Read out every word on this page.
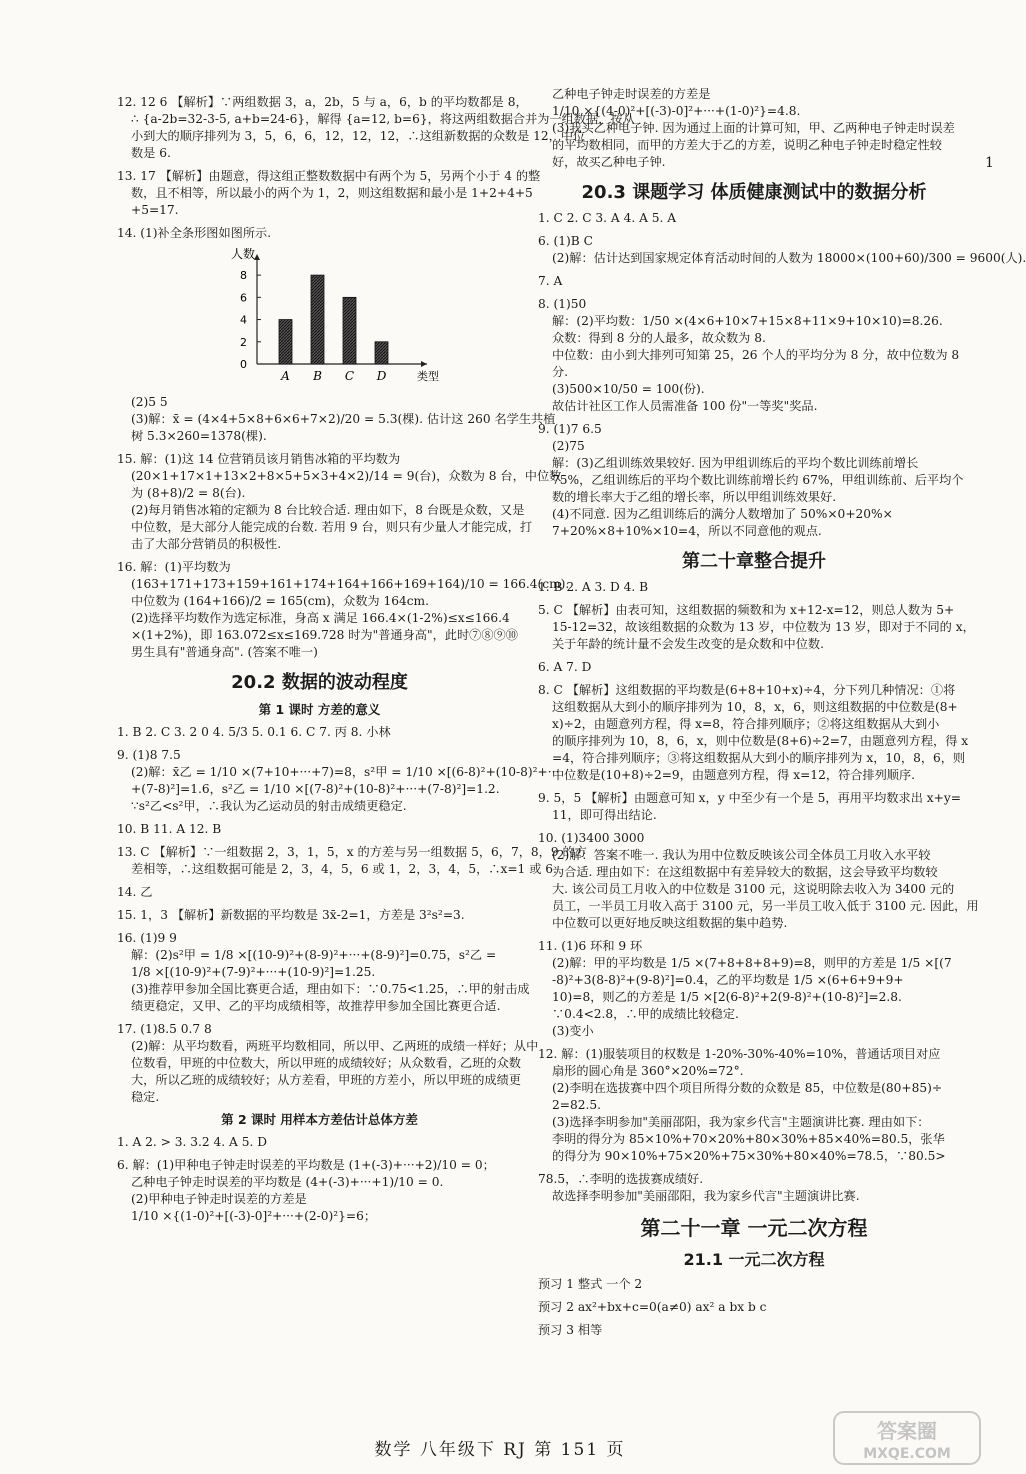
12. 12 6 【解析】∵两组数据 3，a，2b，5 与 a，6，b 的平均数都是 8，
∴ {a-2b=32-3-5, a+b=24-6}，解得 {a=12, b=6}，将这两组数据合并为一组数据，按从
小到大的顺序排列为 3，5，6，6，12，12，12，∴这组新数据的众数是 12，中位
数是 6.
13. 17 【解析】由题意，得这组正整数数据中有两个为 5，另两个小于 4 的整
数，且不相等，所以最小的两个为 1，2，则这组数据和最小是 1+2+4+5
+5=17.
14. (1)补全条形图如图所示.
人数
类型
0
2
4
6
8
A B C D
(2)5 5
(3)解：x̄ = (4×4+5×8+6×6+7×2)/20 = 5.3(棵). 估计这 260 名学生共植
树 5.3×260=1378(棵).
15. 解：(1)这 14 位营销员该月销售冰箱的平均数为
(20×1+17×1+13×2+8×5+5×3+4×2)/14 = 9(台)，众数为 8 台，中位数
为 (8+8)/2 = 8(台).
(2)每月销售冰箱的定额为 8 台比较合适. 理由如下，8 台既是众数，又是
中位数，是大部分人能完成的台数. 若用 9 台，则只有少量人才能完成，打
击了大部分营销员的积极性.
16. 解：(1)平均数为
(163+171+173+159+161+174+164+166+169+164)/10 = 166.4(cm).
中位数为 (164+166)/2 = 165(cm)，众数为 164cm.
(2)选择平均数作为选定标准，身高 x 满足 166.4×(1-2%)≤x≤166.4
×(1+2%)，即 163.072≤x≤169.728 时为"普通身高"，此时⑦⑧⑨⑩
男生具有"普通身高". (答案不唯一)
20.2 数据的波动程度
第 1 课时 方差的意义
1. B 2. C 3. 2 0 4. 5/3 5. 0.1 6. C 7. 丙 8. 小林
9. (1)8 7.5
(2)解：x̄乙 = 1/10 ×(7+10+···+7)=8，s²甲 = 1/10 ×[(6-8)²+(10-8)²+···
+(7-8)²]=1.6，s²乙 = 1/10 ×[(7-8)²+(10-8)²+···+(7-8)²]=1.2.
∵s²乙<s²甲，∴我认为乙运动员的射击成绩更稳定.
10. B 11. A 12. B
13. C 【解析】∵一组数据 2，3，1，5，x 的方差与另一组数据 5，6，7，8，9 的方
差相等，∴这组数据可能是 2，3，4，5，6 或 1，2，3，4，5，∴x=1 或 6.
14. 乙
15. 1，3 【解析】新数据的平均数是 3x̄-2=1，方差是 3²s²=3.
16. (1)9 9
解：(2)s²甲 = 1/8 ×[(10-9)²+(8-9)²+···+(8-9)²]=0.75，s²乙 =
1/8 ×[(10-9)²+(7-9)²+···+(10-9)²]=1.25.
(3)推荐甲参加全国比赛更合适，理由如下：∵0.75<1.25，∴甲的射击成
绩更稳定，又甲、乙的平均成绩相等，故推荐甲参加全国比赛更合适.
17. (1)8.5 0.7 8
(2)解：从平均数看，两班平均数相同，所以甲、乙两班的成绩一样好；从中
位数看，甲班的中位数大，所以甲班的成绩较好；从众数看，乙班的众数
大，所以乙班的成绩较好；从方差看，甲班的方差小，所以甲班的成绩更
稳定.
第 2 课时 用样本方差估计总体方差
1. A 2. > 3. 3.2 4. A 5. D
6. 解：(1)甲种电子钟走时误差的平均数是 (1+(-3)+···+2)/10 = 0；
乙种电子钟走时误差的平均数是 (4+(-3)+···+1)/10 = 0.
(2)甲种电子钟走时误差的方差是
1/10 ×{(1-0)²+[(-3)-0]²+···+(2-0)²}=6；
乙种电子钟走时误差的方差是
1/10 ×{(4-0)²+[(-3)-0]²+···+(1-0)²}=4.8.
(3)我买乙种电子钟. 因为通过上面的计算可知，甲、乙两种电子钟走时误差
的平均数相同，而甲的方差大于乙的方差，说明乙种电子钟走时稳定性较
好，故买乙种电子钟.
20.3 课题学习 体质健康测试中的数据分析
1. C 2. C 3. A 4. A 5. A
6. (1)B C
(2)解：估计达到国家规定体育活动时间的人数为 18000×(100+60)/300 = 9600(人).
7. A
8. (1)50
解：(2)平均数：1/50 ×(4×6+10×7+15×8+11×9+10×10)=8.26.
众数：得到 8 分的人最多，故众数为 8.
中位数：由小到大排列可知第 25，26 个人的平均分为 8 分，故中位数为 8
分.
(3)500×10/50 = 100(份).
故估计社区工作人员需准备 100 份"一等奖"奖品.
9. (1)7 6.5
(2)75
解：(3)乙组训练效果较好. 因为甲组训练后的平均个数比训练前增长
75%，乙组训练后的平均个数比训练前增长约 67%，甲组训练前、后平均个
数的增长率大于乙组的增长率，所以甲组训练效果好.
(4)不同意. 因为乙组训练后的满分人数增加了 50%×0+20%×
7+20%×8+10%×10=4，所以不同意他的观点.
第二十章整合提升
1. B 2. A 3. D 4. B
5. C 【解析】由表可知，这组数据的频数和为 x+12-x=12，则总人数为 5+
15-12=32，故该组数据的众数为 13 岁，中位数为 13 岁，即对于不同的 x，
关于年龄的统计量不会发生改变的是众数和中位数.
6. A 7. D
8. C 【解析】这组数据的平均数是(6+8+10+x)÷4，分下列几种情况：①将
这组数据从大到小的顺序排列为 10，8，x，6，则这组数据的中位数是(8+
x)÷2，由题意列方程，得 x=8，符合排列顺序；②将这组数据从大到小
的顺序排列为 10，8，6，x，则中位数是(8+6)÷2=7，由题意列方程，得 x
=4，符合排列顺序；③将这组数据从大到小的顺序排列为 x，10，8，6，则
中位数是(10+8)÷2=9，由题意列方程，得 x=12，符合排列顺序.
9. 5，5 【解析】由题意可知 x，y 中至少有一个是 5，再用平均数求出 x+y=
11，即可得出结论.
10. (1)3400 3000
(2)解：答案不唯一. 我认为用中位数反映该公司全体员工月收入水平较
为合适. 理由如下：在这组数据中有差异较大的数据，这会导致平均数较
大. 该公司员工月收入的中位数是 3100 元，这说明除去收入为 3400 元的
员工，一半员工月收入高于 3100 元，另一半员工收入低于 3100 元. 因此，用
中位数可以更好地反映这组数据的集中趋势.
11. (1)6 环和 9 环
(2)解：甲的平均数是 1/5 ×(7+8+8+8+9)=8，则甲的方差是 1/5 ×[(7
-8)²+3(8-8)²+(9-8)²]=0.4，乙的平均数是 1/5 ×(6+6+9+9+
10)=8，则乙的方差是 1/5 ×[2(6-8)²+2(9-8)²+(10-8)²]=2.8.
∵0.4<2.8，∴甲的成绩比较稳定.
(3)变小
12. 解：(1)服装项目的权数是 1-20%-30%-40%=10%，普通话项目对应
扇形的圆心角是 360°×20%=72°.
(2)李明在选拔赛中四个项目所得分数的众数是 85，中位数是(80+85)÷
2=82.5.
(3)选择李明参加"美丽邵阳，我为家乡代言"主题演讲比赛. 理由如下：
李明的得分为 85×10%+70×20%+80×30%+85×40%=80.5，张华
的得分为 90×10%+75×20%+75×30%+80×40%=78.5，∵80.5>
78.5，∴李明的选拔赛成绩好.
故选择李明参加"美丽邵阳，我为家乡代言"主题演讲比赛.
第二十一章 一元二次方程
21.1 一元二次方程
预习 1 整式 一个 2
预习 2 ax²+bx+c=0(a≠0) ax² a bx b c
预习 3 相等
1
数学 八年级下 RJ 第 151 页
答案圈
MXQE.COM
